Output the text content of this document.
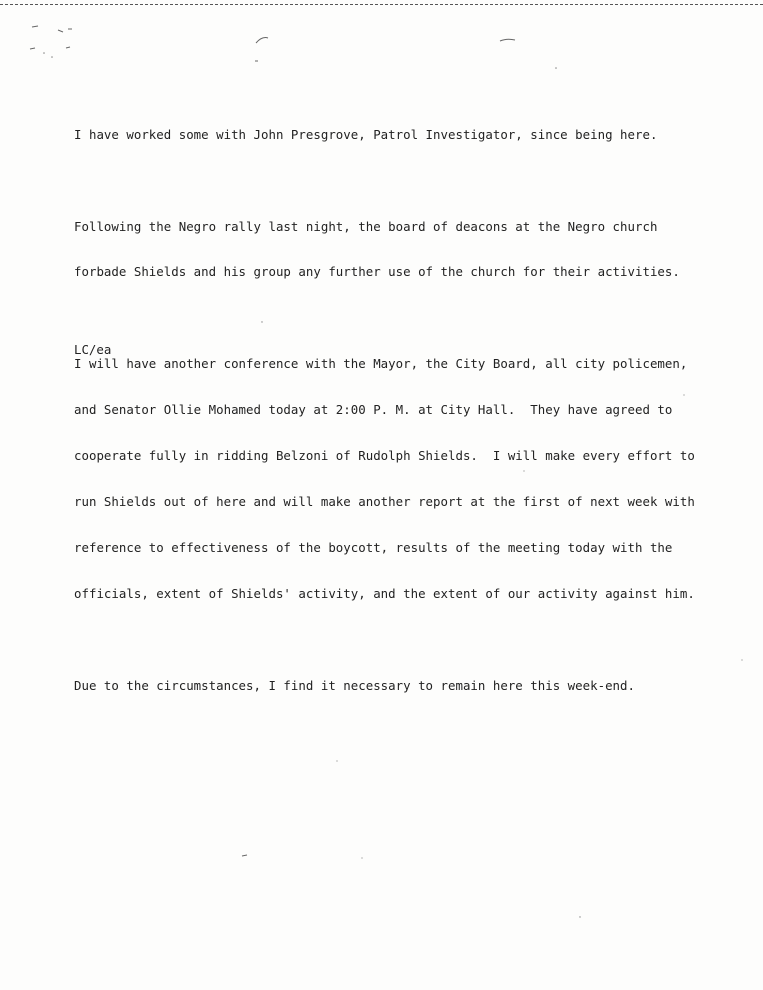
I have worked some with John Presgrove, Patrol Investigator, since being here.

Following the Negro rally last night, the board of deacons at the Negro church

forbade Shields and his group any further use of the church for their activities.

I will have another conference with the Mayor, the City Board, all city policemen,

and Senator Ollie Mohamed today at 2:00 P. M. at City Hall.  They have agreed to

cooperate fully in ridding Belzoni of Rudolph Shields.  I will make every effort to

run Shields out of here and will make another report at the first of next week with

reference to effectiveness of the boycott, results of the meeting today with the

officials, extent of Shields' activity, and the extent of our activity against him.

Due to the circumstances, I find it necessary to remain here this week-end.

LC/ea
